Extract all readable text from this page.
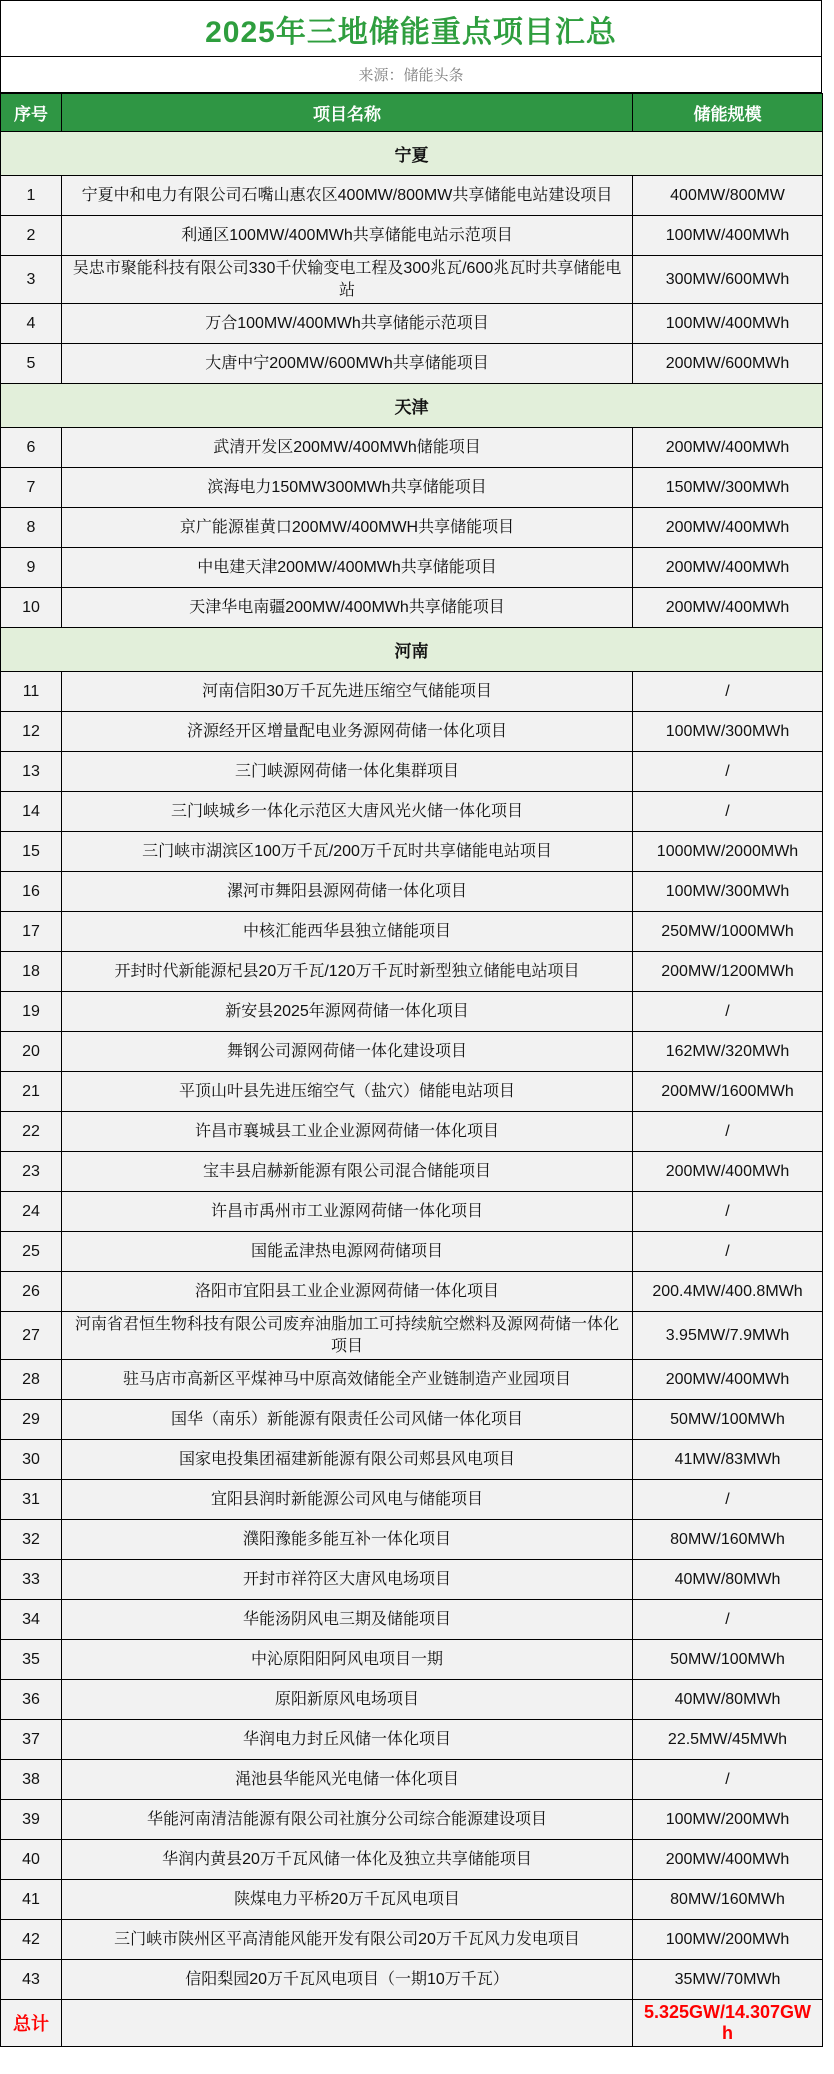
2025年三地储能重点项目汇总
来源：储能头条
序号	项目名称	储能规模
宁夏		
1	宁夏中和电力有限公司石嘴山惠农区400MW/800MW共享储能电站建设项目	400MW/800MW
2	利通区100MW/400MWh共享储能电站示范项目	100MW/400MWh
3	吴忠市聚能科技有限公司330千伏输变电工程及300兆瓦/600兆瓦时共享储能电站	300MW/600MWh
4	万合100MW/400MWh共享储能示范项目	100MW/400MWh
5	大唐中宁200MW/600MWh共享储能项目	200MW/600MWh
天津		
6	武清开发区200MW/400MWh储能项目	200MW/400MWh
7	滨海电力150MW300MWh共享储能项目	150MW/300MWh
8	京广能源崔黄口200MW/400MWH共享储能项目	200MW/400MWh
9	中电建天津200MW/400MWh共享储能项目	200MW/400MWh
10	天津华电南疆200MW/400MWh共享储能项目	200MW/400MWh
河南		
11	河南信阳30万千瓦先进压缩空气储能项目	/
12	济源经开区增量配电业务源网荷储一体化项目	100MW/300MWh
13	三门峡源网荷储一体化集群项目	/
14	三门峡城乡一体化示范区大唐风光火储一体化项目	/
15	三门峡市湖滨区100万千瓦/200万千瓦时共享储能电站项目	1000MW/2000MWh
16	漯河市舞阳县源网荷储一体化项目	100MW/300MWh
17	中核汇能西华县独立储能项目	250MW/1000MWh
18	开封时代新能源杞县20万千瓦/120万千瓦时新型独立储能电站项目	200MW/1200MWh
19	新安县2025年源网荷储一体化项目	/
20	舞钢公司源网荷储一体化建设项目	162MW/320MWh
21	平顶山叶县先进压缩空气（盐穴）储能电站项目	200MW/1600MWh
22	许昌市襄城县工业企业源网荷储一体化项目	/
23	宝丰县启赫新能源有限公司混合储能项目	200MW/400MWh
24	许昌市禹州市工业源网荷储一体化项目	/
25	国能孟津热电源网荷储项目	/
26	洛阳市宜阳县工业企业源网荷储一体化项目	200.4MW/400.8MWh
27	河南省君恒生物科技有限公司废弃油脂加工可持续航空燃料及源网荷储一体化项目	3.95MW/7.9MWh
28	驻马店市高新区平煤神马中原高效储能全产业链制造产业园项目	200MW/400MWh
29	国华（南乐）新能源有限责任公司风储一体化项目	50MW/100MWh
30	国家电投集团福建新能源有限公司郏县风电项目	41MW/83MWh
31	宜阳县润时新能源公司风电与储能项目	/
32	濮阳豫能多能互补一体化项目	80MW/160MWh
33	开封市祥符区大唐风电场项目	40MW/80MWh
34	华能汤阴风电三期及储能项目	/
35	中沁原阳阳阿风电项目一期	50MW/100MWh
36	原阳新原风电场项目	40MW/80MWh
37	华润电力封丘风储一体化项目	22.5MW/45MWh
38	渑池县华能风光电储一体化项目	/
39	华能河南清洁能源有限公司社旗分公司综合能源建设项目	100MW/200MWh
40	华润内黄县20万千瓦风储一体化及独立共享储能项目	200MW/400MWh
41	陕煤电力平桥20万千瓦风电项目	80MW/160MWh
42	三门峡市陕州区平高清能风能开发有限公司20万千瓦风力发电项目	100MW/200MWh
43	信阳梨园20万千瓦风电项目（一期10万千瓦）	35MW/70MWh
总计		5.325GW/14.307GWh
